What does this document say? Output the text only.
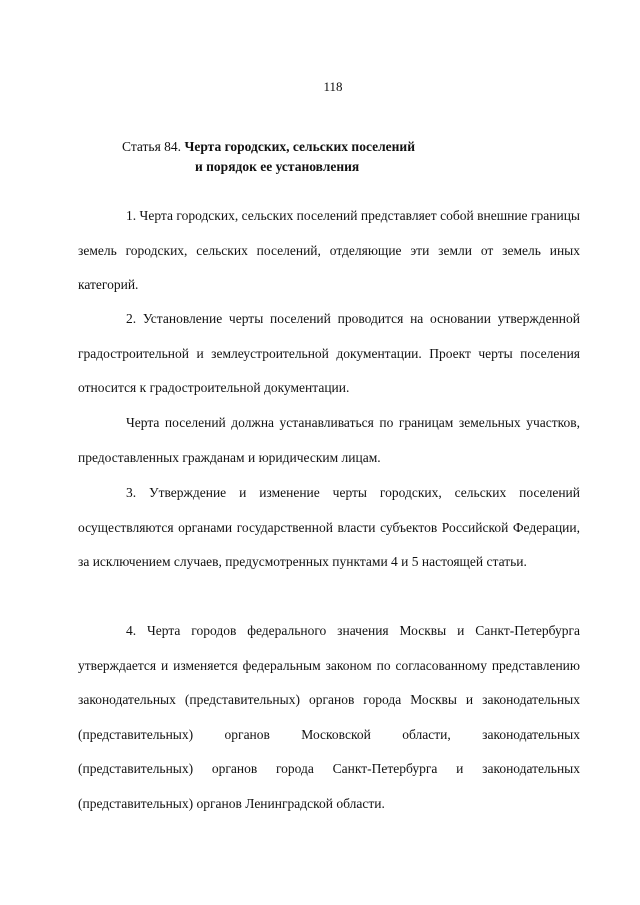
118
Статья 84. Черта городских, сельских поселений
и порядок ее установления

1. Черта городских, сельских поселений представляет собой внешние границы земель городских, сельских поселений, отделяющие эти земли от земель иных категорий.

2. Установление черты поселений проводится на основании утвержденной градостроительной и землеустроительной документации. Проект черты поселения относится к градостроительной документации.

Черта поселений должна устанавливаться по границам земельных участков, предоставленных гражданам и юридическим лицам.

3. Утверждение и изменение черты городских, сельских поселений осуществляются органами государственной власти субъектов Российской Федерации, за исключением случаев, предусмотренных пунктами 4 и 5 настоящей статьи.

4. Черта городов федерального значения Москвы и Санкт-Петербурга утверждается и изменяется федеральным законом по согласованному представлению законодательных (представительных) органов города Москвы и законодательных (представительных) органов Московской области, законодательных (представительных) органов города Санкт-Петербурга и законодательных (представительных) органов Ленинградской области.
